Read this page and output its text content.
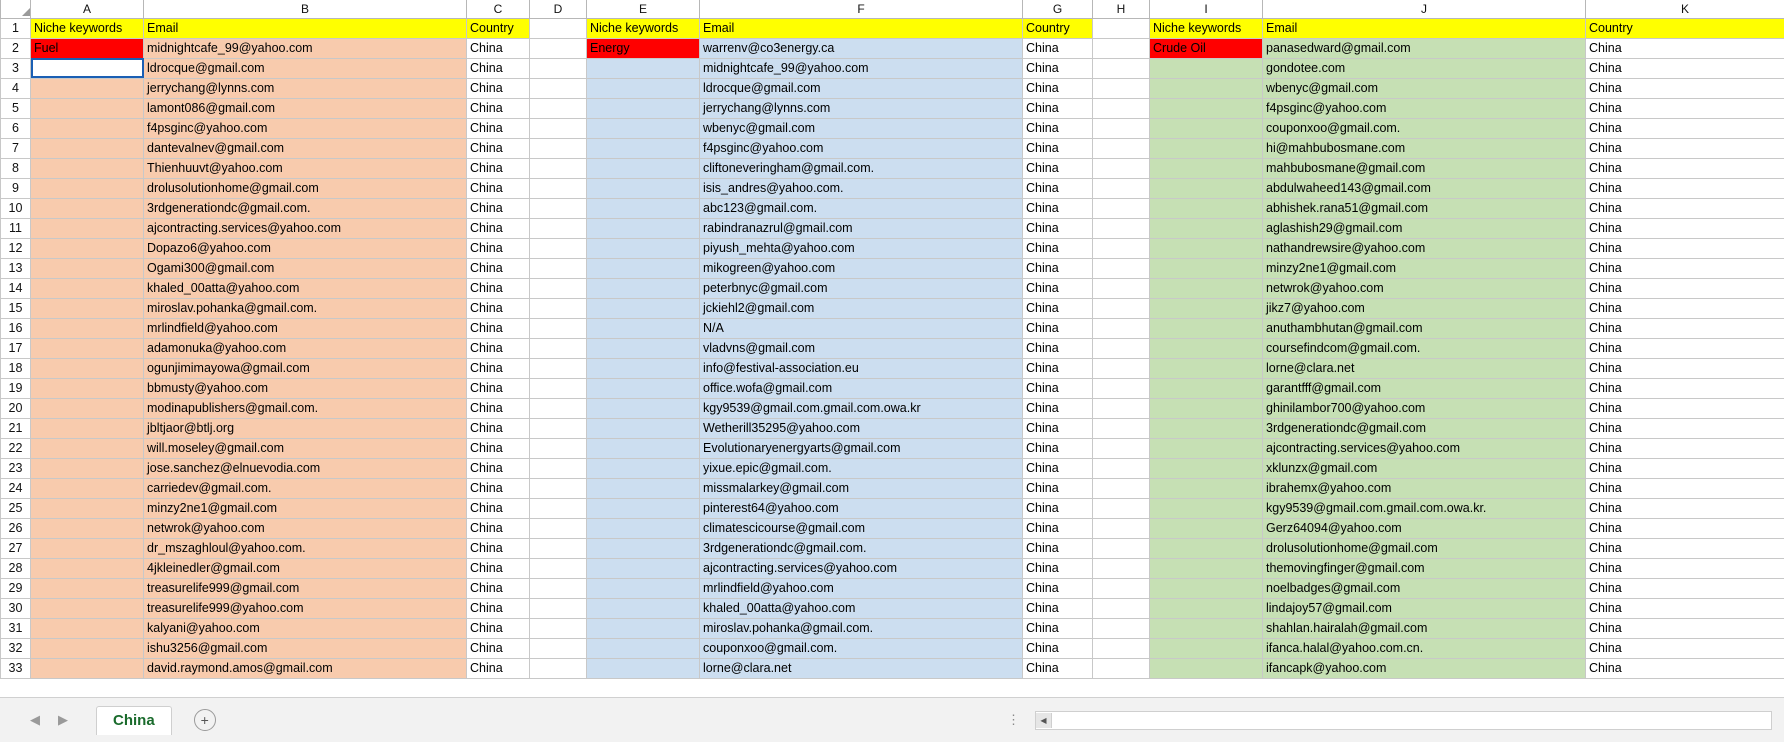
	A	B	C	D	E	F	G	H	I	J	K
1	Niche keywords	Email	Country		Niche keywords	Email	Country		Niche keywords	Email	Country
2	Fuel	midnightcafe_99@yahoo.com	China		Energy	warrenv@co3energy.ca	China		Crude Oil	panasedward@gmail.com	China
3		ldrocque@gmail.com	China			midnightcafe_99@yahoo.com	China			gondotee.com	China
4		jerrychang@lynns.com	China			ldrocque@gmail.com	China			wbenyc@gmail.com	China
5		lamont086@gmail.com	China			jerrychang@lynns.com	China			f4psginc@yahoo.com	China
6		f4psginc@yahoo.com	China			wbenyc@gmail.com	China			couponxoo@gmail.com.	China
7		dantevalnev@gmail.com	China			f4psginc@yahoo.com	China			hi@mahbubosmane.com	China
8		Thienhuuvt@yahoo.com	China			cliftoneveringham@gmail.com.	China			mahbubosmane@gmail.com	China
9		drolusolutionhome@gmail.com	China			isis_andres@yahoo.com.	China			abdulwaheed143@gmail.com	China
10		3rdgenerationdc@gmail.com.	China			abc123@gmail.com.	China			abhishek.rana51@gmail.com	China
11		ajcontracting.services@yahoo.com	China			rabindranazrul@gmail.com	China			aglashish29@gmail.com	China
12		Dopazo6@yahoo.com	China			piyush_mehta@yahoo.com	China			nathandrewsire@yahoo.com	China
13		Ogami300@gmail.com	China			mikogreen@yahoo.com	China			minzy2ne1@gmail.com	China
14		khaled_00atta@yahoo.com	China			peterbnyc@gmail.com	China			netwrok@yahoo.com	China
15		miroslav.pohanka@gmail.com.	China			jckiehl2@gmail.com	China			jikz7@yahoo.com	China
16		mrlindfield@yahoo.com	China			N/A	China			anuthambhutan@gmail.com	China
17		adamonuka@yahoo.com	China			vladvns@gmail.com	China			coursefindcom@gmail.com.	China
18		ogunjimimayowa@gmail.com	China			info@festival-association.eu	China			lorne@clara.net	China
19		bbmusty@yahoo.com	China			office.wofa@gmail.com	China			garantfff@gmail.com	China
20		modinapublishers@gmail.com.	China			kgy9539@gmail.com.gmail.com.owa.kr	China			ghinilambor700@yahoo.com	China
21		jbltjaor@btlj.org	China			Wetherill35295@yahoo.com	China			3rdgenerationdc@gmail.com	China
22		will.moseley@gmail.com	China			Evolutionaryenergyarts@gmail.com	China			ajcontracting.services@yahoo.com	China
23		jose.sanchez@elnuevodia.com	China			yixue.epic@gmail.com.	China			xklunzx@gmail.com	China
24		carriedev@gmail.com.	China			missmalarkey@gmail.com	China			ibrahemx@yahoo.com	China
25		minzy2ne1@gmail.com	China			pinterest64@yahoo.com	China			kgy9539@gmail.com.gmail.com.owa.kr.	China
26		netwrok@yahoo.com	China			climatescicourse@gmail.com	China			Gerz64094@yahoo.com	China
27		dr_mszaghloul@yahoo.com.	China			3rdgenerationdc@gmail.com.	China			drolusolutionhome@gmail.com	China
28		4jkleinedler@gmail.com	China			ajcontracting.services@yahoo.com	China			themovingfinger@gmail.com	China
29		treasurelife999@gmail.com	China			mrlindfield@yahoo.com	China			noelbadges@gmail.com	China
30		treasurelife999@yahoo.com	China			khaled_00atta@yahoo.com	China			lindajoy57@gmail.com	China
31		kalyani@yahoo.com	China			miroslav.pohanka@gmail.com.	China			shahlan.hairalah@gmail.com	China
32		ishu3256@gmail.com	China			couponxoo@gmail.com.	China			ifanca.halal@yahoo.com.cn.	China
33		david.raymond.amos@gmail.com	China			lorne@clara.net	China			ifancapk@yahoo.com	China
◀ ▶	China	+	⋮	◀
